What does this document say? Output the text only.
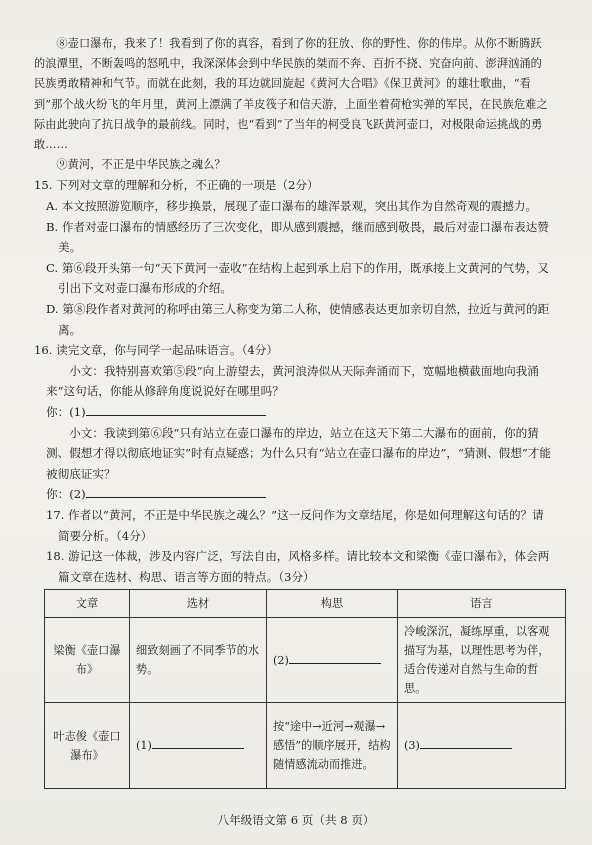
⑧壶口瀑布，我来了！我看到了你的真容，看到了你的狂放、你的野性、你的伟岸。从你不断腾跃的浪潭里，不断轰鸣的怒吼中，我深深体会到中华民族的桀而不奔、百折不挠、究奋向前、澎湃汹涌的民族勇敢精神和气节。而就在此刻，我的耳边就回旋起《黄河大合唱》《保卫黄河》的雄壮歌曲，“看到”那个战火纷飞的年月里，黄河上漂满了羊皮筏子和信天游，上面坐着荷枪实弹的军民，在民族危难之际由此驶向了抗日战争的最前线。同时，也“看到”了当年的柯受良飞跃黄河壶口，对极限命运挑战的勇敢……

⑨黄河，不正是中华民族之魂么？

15. 下列对文章的理解和分析，不正确的一项是（2分）

A. 本文按照游览顺序，移步换景，展现了壶口瀑布的雄浑景观，突出其作为自然奇观的震撼力。

B. 作者对壶口瀑布的情感经历了三次变化，即从感到震撼，继而感到敬畏，最后对壶口瀑布表达赞美。

C. 第⑥段开头第一句“天下黄河一壶收”在结构上起到承上启下的作用，既承接上文黄河的气势，又引出下文对壶口瀑布形成的介绍。

D. 第⑧段作者对黄河的称呼由第三人称变为第二人称，使情感表达更加亲切自然，拉近与黄河的距离。

16. 读完文章，你与同学一起品味语言。（4分）

小文：我特别喜欢第⑤段“向上游望去，黄河浪涛似从天际奔涌而下，宽幅地横截面地向我涌来”这句话，你能从修辞角度说说好在哪里吗？

你：(1)

小文：我读到第⑥段“只有站立在壶口瀑布的岸边，站立在这天下第二大瀑布的面前，你的猜测、假想才得以彻底地证实”时有点疑惑；为什么只有“站立在壶口瀑布的岸边”，“猜测、假想”才能被彻底证实？

你：(2)

17. 作者以“黄河，不正是中华民族之魂么？”这一反问作为文章结尾，你是如何理解这句话的？请简要分析。（4分）

18. 游记这一体裁，涉及内容广泛，写法自由，风格多样。请比较本文和梁衡《壶口瀑布》，体会两篇文章在选材、构思、语言等方面的特点。（3分）

文章	选材	构思	语言
梁衡《壶口瀑布》	细致刻画了不同季节的水势。	(2)	冷峻深沉，凝练厚重，以客观描写为基，以理性思考为伴，适合传递对自然与生命的哲思。
叶志俊《壶口瀑布》	(1)	按“途中→近河→观瀑→感悟”的顺序展开，结构随情感流动而推进。	(3)
八年级语文第 6 页（共 8 页）
